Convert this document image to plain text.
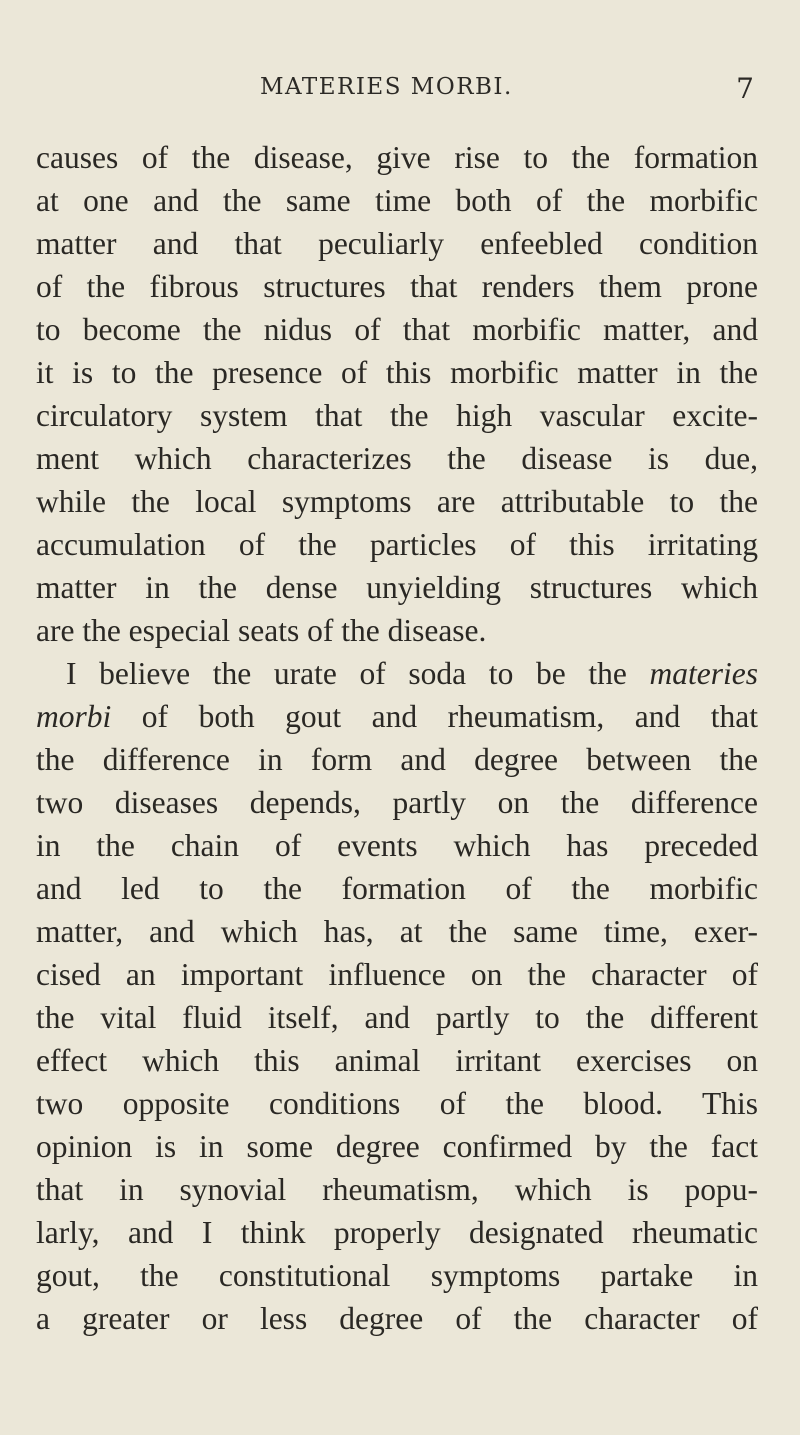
MATERIES MORBI.	7
causes of the disease, give rise to the formation
at one and the same time both of the morbific
matter and that peculiarly enfeebled condition
of the fibrous structures that renders them prone
to become the nidus of that morbific matter, and
it is to the presence of this morbific matter in the
circulatory system that the high vascular excite-
ment which characterizes the disease is due,
while the local symptoms are attributable to the
accumulation of the particles of this irritating
matter in the dense unyielding structures which
are the especial seats of the disease.
I believe the urate of soda to be the materies
morbi of both gout and rheumatism, and that
the difference in form and degree between the
two diseases depends, partly on the difference
in the chain of events which has preceded
and led to the formation of the morbific
matter, and which has, at the same time, exer-
cised an important influence on the character of
the vital fluid itself, and partly to the different
effect which this animal irritant exercises on
two opposite conditions of the blood. This
opinion is in some degree confirmed by the fact
that in synovial rheumatism, which is popu-
larly, and I think properly designated rheumatic
gout, the constitutional symptoms partake in
a greater or less degree of the character of
